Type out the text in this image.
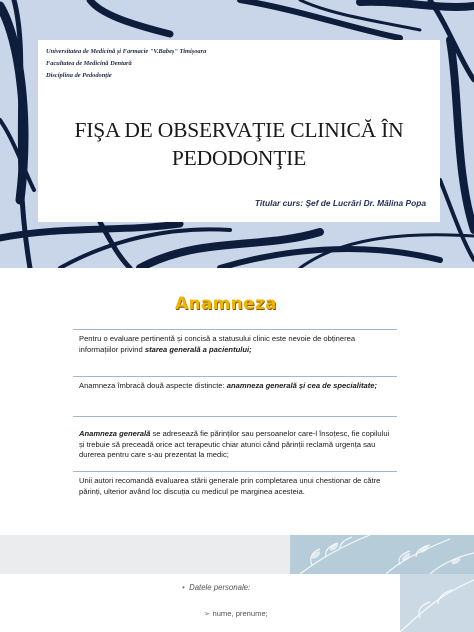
Universitatea de Medicină și Farmacie "V.Babeș" Timișoara
Facultatea de Medicină Dentară
Disciplina de Pedodonție
FIŞA DE OBSERVAŢIE CLINICĂ ÎN
PEDODONŢIE
Titular curs: Şef de Lucrări Dr. Mălina Popa
Anamneza
Pentru o evaluare pertinentă și concisă a statusului clinic este nevoie de obținerea informațiilor privind starea generală a pacientului;
Anamneza îmbracă două aspecte distincte: anamneza generală și cea de specialitate;
Anamneza generală se adresează fie părinților sau persoanelor care-l însoțesc, fie copilului și trebuie să preceadă orice act terapeutic chiar atunci când părinții reclamă urgența sau durerea pentru care s-au prezentat la medic;
Unii autori recomandă evaluarea stării generale prin completarea unui chestionar de către părinți, ulterior având loc discuția cu medicul pe marginea acesteia.
•  Datele personale:
➢ nume, prenume;
